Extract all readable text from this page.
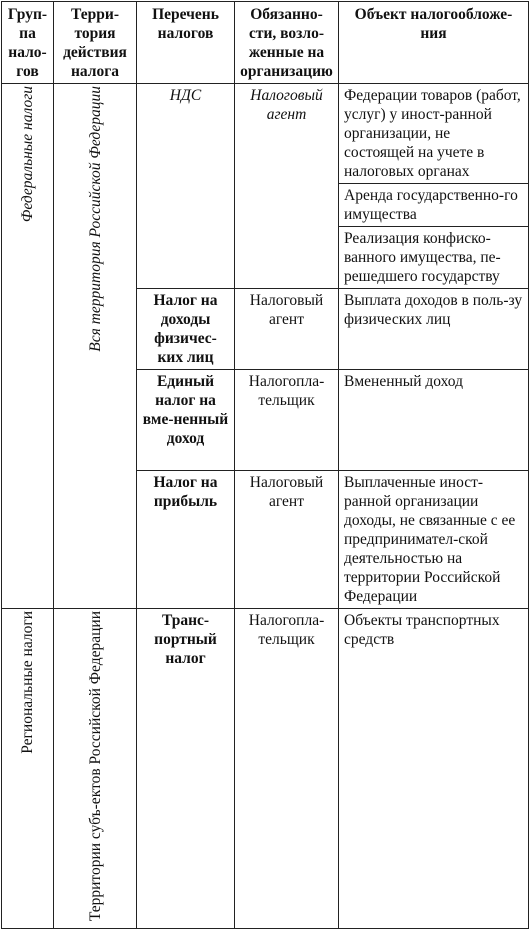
Груп-па нало-гов	Терри-тория действия налога	Перечень налогов	Обязанно-сти, возло-женные на организацию	Объект налогообложе-ния
Федеральные налоги	Вся территория Российской Федерации	НДС	Налоговый агент	Федерации товаров (работ, услуг) у иност-ранной организации, не состоящей на учете в налоговых органах
				Аренда государственно-го имущества
				Реализация конфиско-ванного имущества, пе-решедшего государству
		Налог на доходы физичес-ких лиц	Налоговый агент	Выплата доходов в поль-зу физических лиц
		Единый налог на вме-ненный доход	Налогопла-тельщик	Вмененный доход
		Налог на прибыль	Налоговый агент	Выплаченные иност-ранной организации доходы, не связанные с ее предпринимател-ской деятельностью на территории Российской Федерации

Региональные налоги	Территории субъ-ектов Российской Федерации	Транс-портный налог	Налогопла-тельщик	Объекты транспортных средств
